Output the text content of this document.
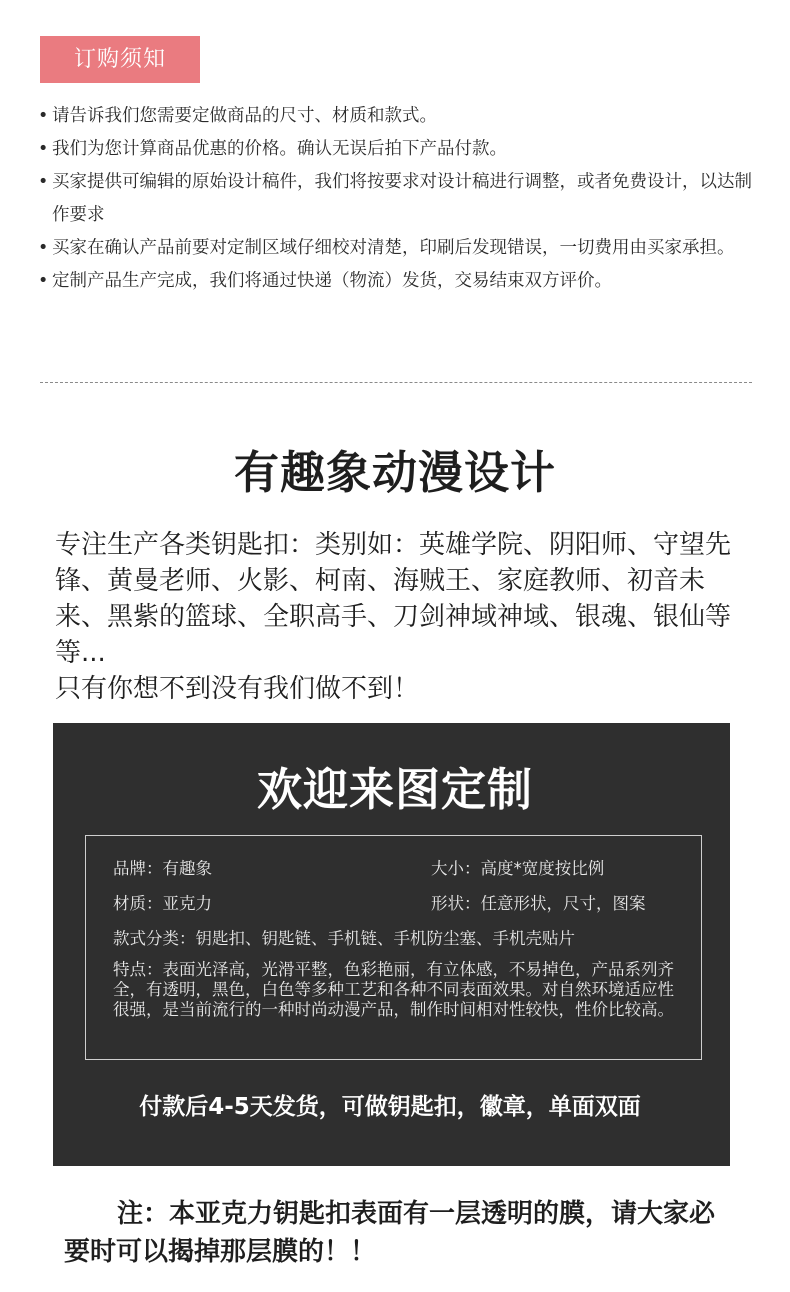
订购须知
• 请告诉我们您需要定做商品的尺寸、材质和款式。
• 我们为您计算商品优惠的价格。确认无误后拍下产品付款。
• 买家提供可编辑的原始设计稿件，我们将按要求对设计稿进行调整，或者免费设计，以达制作要求
• 买家在确认产品前要对定制区域仔细校对清楚，印刷后发现错误，一切费用由买家承担。
• 定制产品生产完成，我们将通过快递（物流）发货，交易结束双方评价。
有趣象动漫设计

专注生产各类钥匙扣：类别如：英雄学院、阴阳师、守望先锋、黄曼老师、火影、柯南、海贼王、家庭教师、初音未来、黑紫的篮球、全职高手、刀剑神域神域、银魂、银仙等等...

只有你想不到没有我们做不到！

欢迎来图定制
品牌：有趣象	大小：高度*宽度按比例
材质：亚克力	形状：任意形状，尺寸，图案
款式分类：钥匙扣、钥匙链、手机链、手机防尘塞、手机壳贴片
特点：表面光泽高，光滑平整，色彩艳丽，有立体感，不易掉色，产品系列齐全，有透明，黑色，白色等多种工艺和各种不同表面效果。对自然环境适应性很强，是当前流行的一种时尚动漫产品，制作时间相对性较快，性价比较高。
付款后4-5天发货，可做钥匙扣，徽章，单面双面
注：本亚克力钥匙扣表面有一层透明的膜，请大家必要时可以揭掉那层膜的！！
